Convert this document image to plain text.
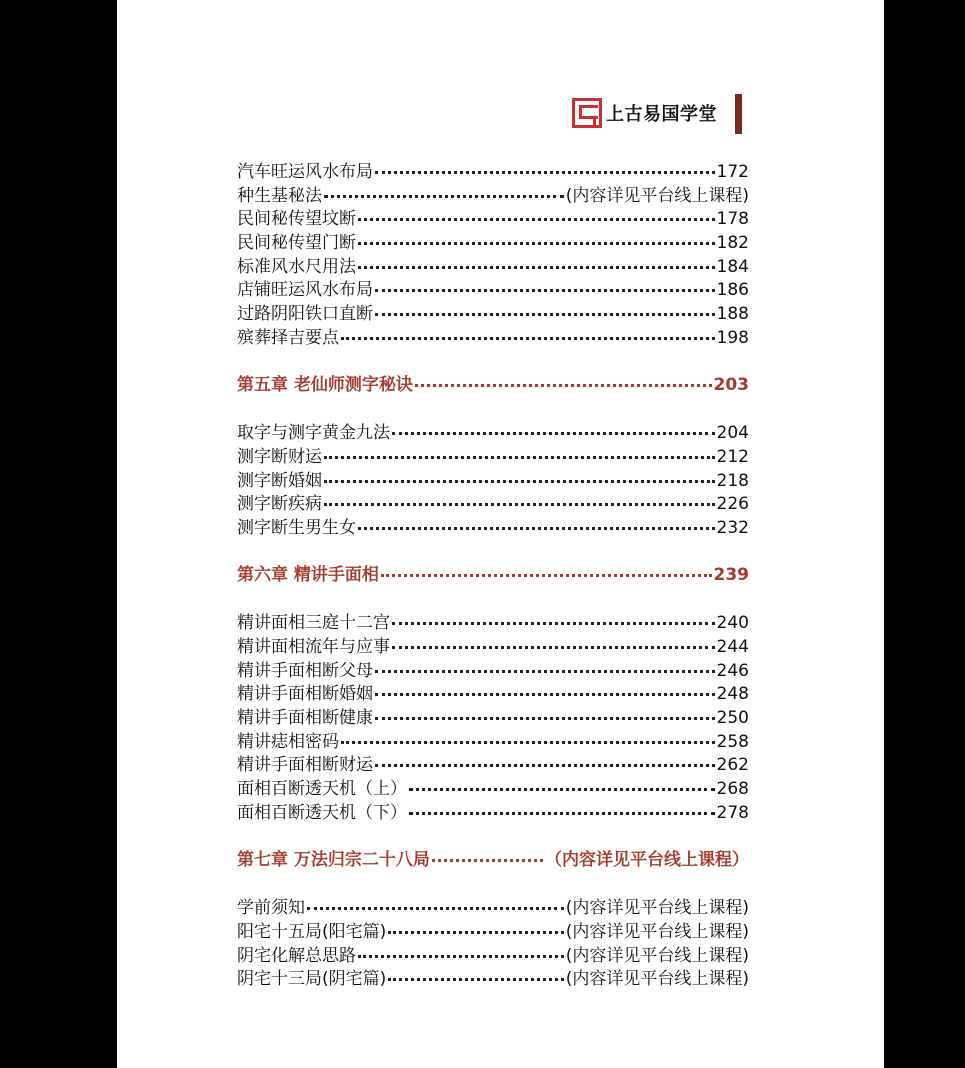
上古易国学堂
汽车旺运风水布局	172
种生基秘法	(内容详见平台线上课程)
民间秘传望坟断	178
民间秘传望门断	182
标准风水尺用法	184
店铺旺运风水布局	186
过路阴阳铁口直断	188
殡葬择吉要点	198
第五章 老仙师测字秘诀	203
取字与测字黄金九法	204
测字断财运	212
测字断婚姻	218
测字断疾病	226
测字断生男生女	232
第六章 精讲手面相	239
精讲面相三庭十二宫	240
精讲面相流年与应事	244
精讲手面相断父母	246
精讲手面相断婚姻	248
精讲手面相断健康	250
精讲痣相密码	258
精讲手面相断财运	262
面相百断透天机（上）	268
面相百断透天机（下）	278
第七章 万法归宗二十八局	（内容详见平台线上课程）
学前须知	(内容详见平台线上课程)
阳宅十五局(阳宅篇)	(内容详见平台线上课程)
阴宅化解总思路	(内容详见平台线上课程)
阴宅十三局(阴宅篇)	(内容详见平台线上课程)
